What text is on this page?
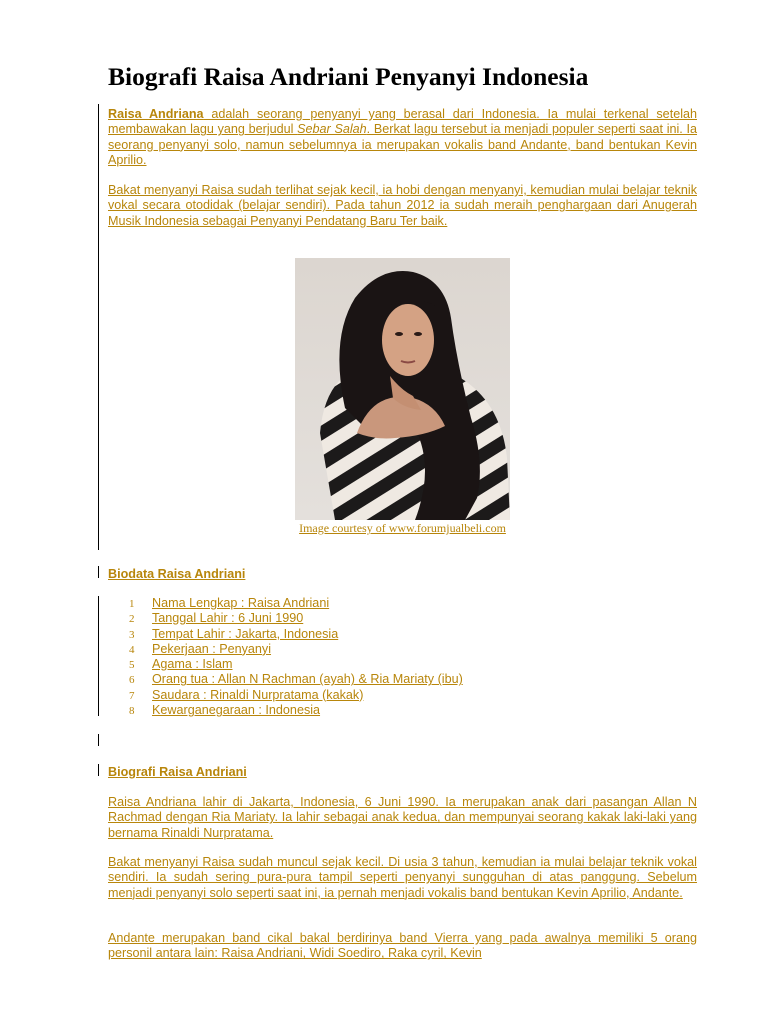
Biografi Raisa Andriani Penyanyi Indonesia

Raisa Andriana adalah seorang penyanyi yang berasal dari Indonesia. Ia mulai terkenal setelah membawakan lagu yang berjudul Sebar Salah. Berkat lagu tersebut ia menjadi populer seperti saat ini. Ia seorang penyanyi solo, namun sebelumnya ia merupakan vokalis band Andante, band bentukan Kevin Aprilio.

Bakat menyanyi Raisa sudah terlihat sejak kecil, ia hobi dengan menyanyi, kemudian mulai belajar teknik vokal secara otodidak (belajar sendiri). Pada tahun 2012 ia sudah meraih penghargaan dari Anugerah Musik Indonesia sebagai Penyanyi Pendatang Baru Ter baik.

Image courtesy of www.forumjualbeli.com

Biodata Raisa Andriani

1 Nama Lengkap : Raisa Andriani
2 Tanggal Lahir : 6 Juni 1990
3 Tempat Lahir : Jakarta, Indonesia
4 Pekerjaan : Penyanyi
5 Agama : Islam
6 Orang tua : Allan N Rachman (ayah) & Ria Mariaty (ibu)
7 Saudara : Rinaldi Nurpratama (kakak)
8 Kewarganegaraan : Indonesia

Biografi Raisa Andriani

Raisa Andriana lahir di Jakarta, Indonesia, 6 Juni 1990. Ia merupakan anak dari pasangan Allan N Rachmad dengan Ria Mariaty. Ia lahir sebagai anak kedua, dan mempunyai seorang kakak laki-laki yang bernama Rinaldi Nurpratama.

Bakat menyanyi Raisa sudah muncul sejak kecil. Di usia 3 tahun, kemudian ia mulai belajar teknik vokal sendiri. Ia sudah sering pura-pura tampil seperti penyanyi sungguhan di atas panggung. Sebelum menjadi penyanyi solo seperti saat ini, ia pernah menjadi vokalis band bentukan Kevin Aprilio, Andante.

Andante merupakan band cikal bakal berdirinya band Vierra yang pada awalnya memiliki 5 orang personil antara lain: Raisa Andriani, Widi Soediro, Raka cyril, Kevin
